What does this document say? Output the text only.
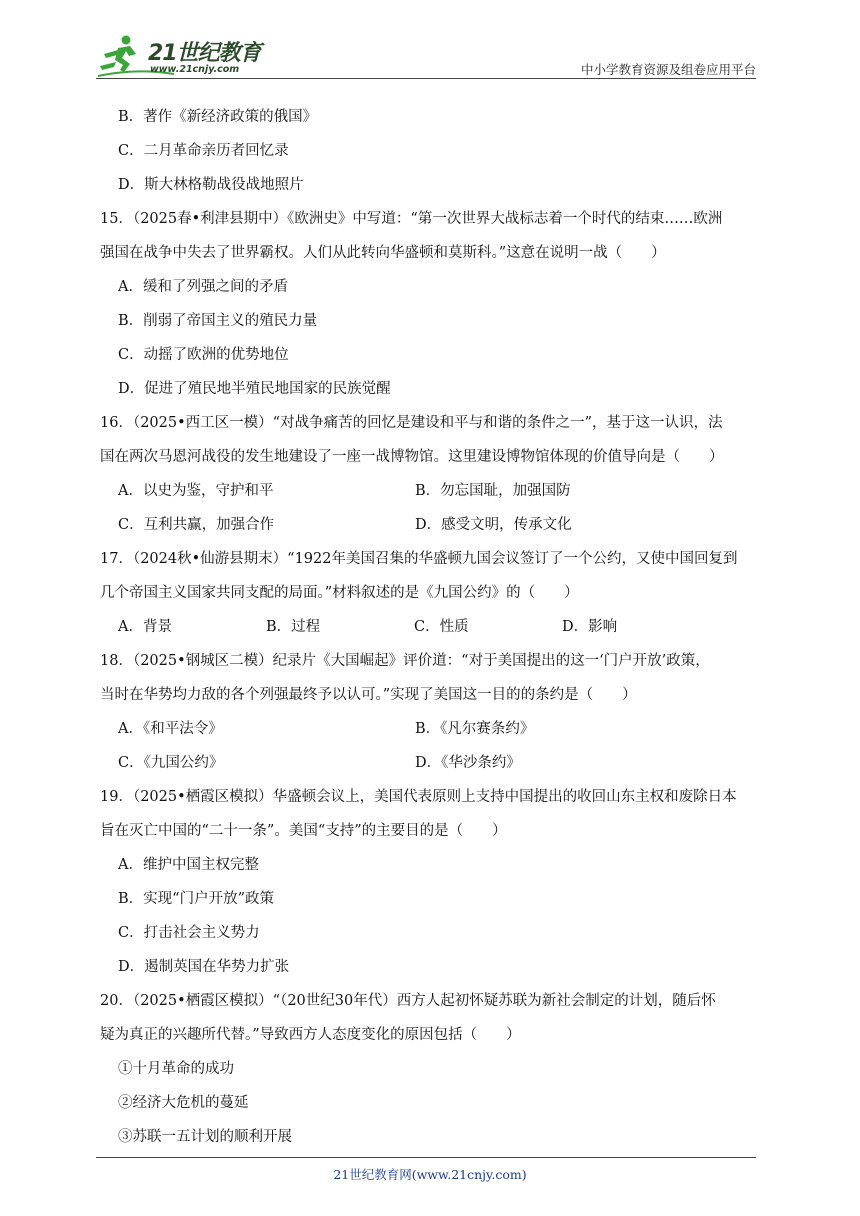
21世纪教育
www.21cnjy.com	中小学教育资源及组卷应用平台
B．著作《新经济政策的俄国》
C．二月革命亲历者回忆录
D．斯大林格勒战役战地照片
15．（2025春•利津县期中）《欧洲史》中写道：“第一次世界大战标志着一个时代的结束……欧洲
强国在战争中失去了世界霸权。人们从此转向华盛顿和莫斯科。”这意在说明一战（　　）
A．缓和了列强之间的矛盾
B．削弱了帝国主义的殖民力量
C．动摇了欧洲的优势地位
D．促进了殖民地半殖民地国家的民族觉醒
16．（2025•西工区一模）“对战争痛苦的回忆是建设和平与和谐的条件之一”，基于这一认识，法
国在两次马恩河战役的发生地建设了一座一战博物馆。这里建设博物馆体现的价值导向是（　　）
A．以史为鉴，守护和平	B．勿忘国耻，加强国防
C．互利共赢，加强合作	D．感受文明，传承文化
17．（2024秋•仙游县期末）“1922年美国召集的华盛顿九国会议签订了一个公约，又使中国回复到
几个帝国主义国家共同支配的局面。”材料叙述的是《九国公约》的（　　）
A．背景	B．过程	C．性质	D．影响
18．（2025•钢城区二模）纪录片《大国崛起》评价道：“对于美国提出的这一‘门户开放’政策，
当时在华势均力敌的各个列强最终予以认可。”实现了美国这一目的的条约是（　　）
A．《和平法令》	B．《凡尔赛条约》
C．《九国公约》	D．《华沙条约》
19．（2025•栖霞区模拟）华盛顿会议上，美国代表原则上支持中国提出的收回山东主权和废除日本
旨在灭亡中国的“二十一条”。美国“支持”的主要目的是（　　）
A．维护中国主权完整
B．实现“门户开放”政策
C．打击社会主义势力
D．遏制英国在华势力扩张
20．（2025•栖霞区模拟）“（20世纪30年代）西方人起初怀疑苏联为新社会制定的计划，随后怀
疑为真正的兴趣所代替。”导致西方人态度变化的原因包括（　　）
①十月革命的成功
②经济大危机的蔓延
③苏联一五计划的顺利开展
21世纪教育网(www.21cnjy.com)
